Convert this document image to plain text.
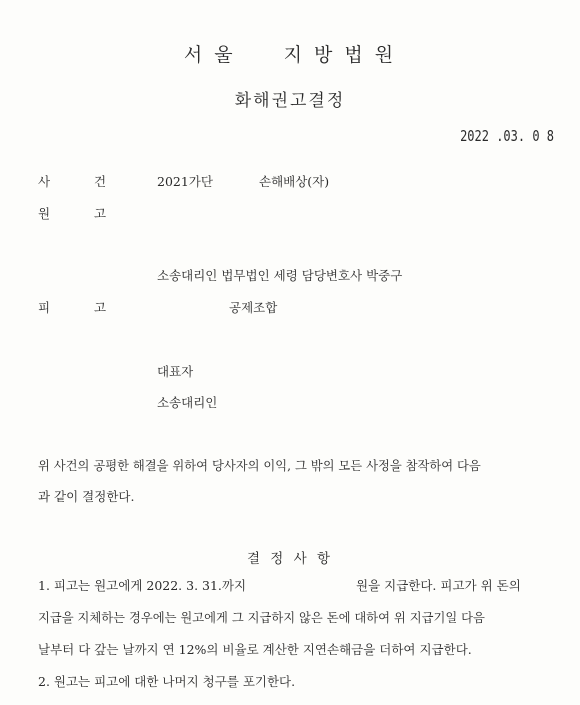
서 울	지 방 법 원
화해권고결정
2022 .03. 0 8
사	건	2021가단	손해배상(자)
원	고
소송대리인 법무법인 세령 담당변호사 박중구
피	고	공제조합
대표자
소송대리인
위 사건의 공평한 해결을 위하여 당사자의 이익, 그 밖의 모든 사정을 참작하여 다음
과 같이 결정한다.
결 정 사 항
1. 피고는 원고에게 2022. 3. 31.까지	원을 지급한다. 피고가 위 돈의
지급을 지체하는 경우에는 원고에게 그 지급하지 않은 돈에 대하여 위 지급기일 다음
날부터 다 갚는 날까지 연 12%의 비율로 계산한 지연손해금을 더하여 지급한다.
2. 원고는 피고에 대한 나머지 청구를 포기한다.
